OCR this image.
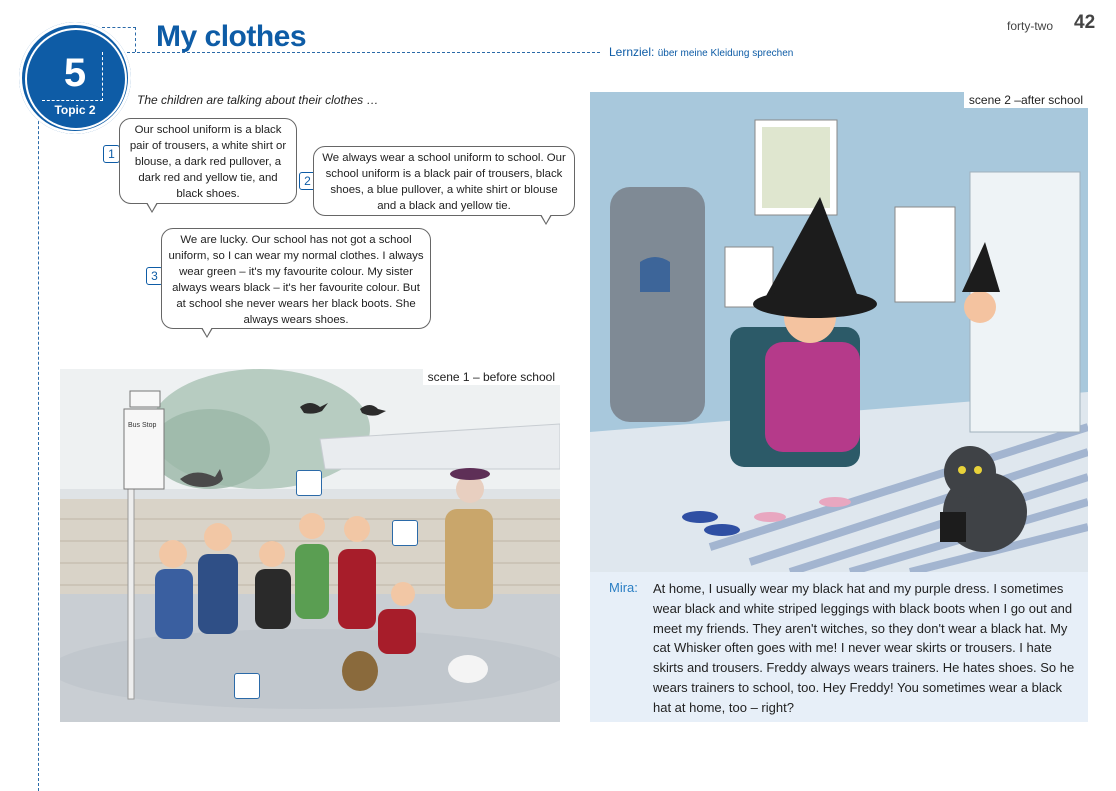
5
Topic 2
My clothes	Lernziel: über meine Kleidung sprechen
forty-two 42
The children are talking about their clothes …
1
Our school uniform is a black pair of trousers, a white shirt or blouse, a dark red pullover, a dark red and yellow tie, and black shoes.
2
We always wear a school uniform to school. Our school uniform is a black pair of trousers, black shoes, a blue pullover, a white shirt or blouse and a black and yellow tie.
3
We are lucky. Our school has not got a school uniform, so I can wear my normal clothes. I always wear green – it's my favourite colour. My sister always wears black – it's her favourite colour. But at school she never wears her black boots. She always wears shoes.
Bus Stop
scene 1 – before school
scene 2 –after school
Mira: At home, I usually wear my black hat and my purple dress. I sometimes wear black and white striped leggings with black boots when I go out and meet my friends. They aren't witches, so they don't wear a black hat. My cat Whisker often goes with me! I never wear skirts or trousers. I hate skirts and trousers. Freddy always wears trainers. He hates shoes. So he wears trainers to school, too. Hey Freddy! You sometimes wear a black hat at home, too – right?
